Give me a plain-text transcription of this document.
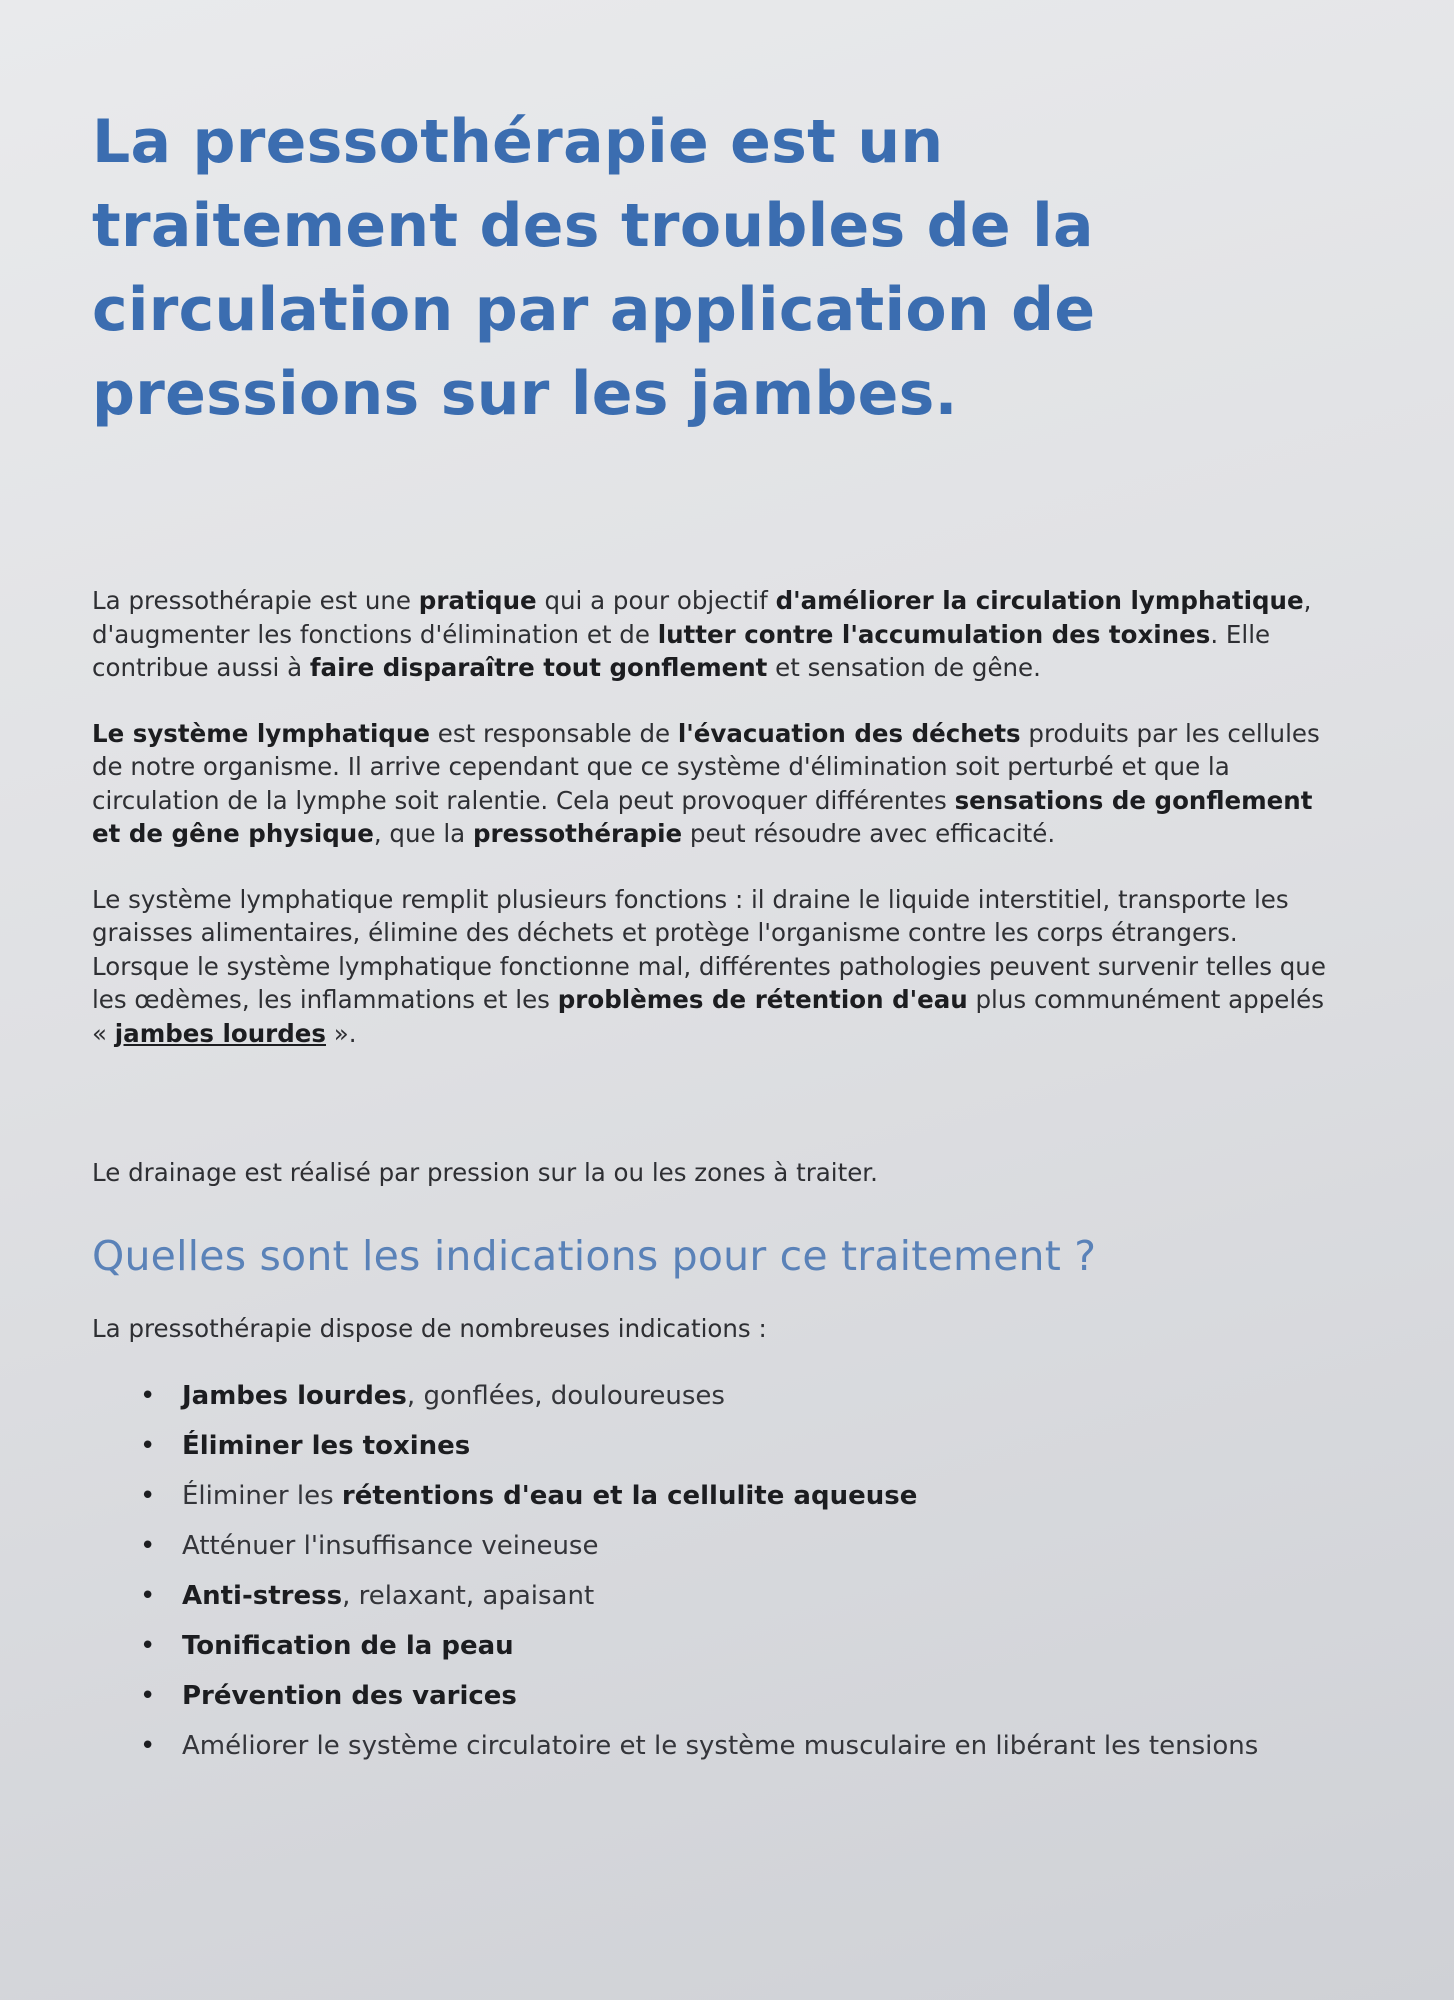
La pressothérapie est un traitement des troubles de la circulation par application de pressions sur les jambes.

La pressothérapie est une pratique qui a pour objectif d'améliorer la circulation lymphatique, d'augmenter les fonctions d'élimination et de lutter contre l'accumulation des toxines. Elle contribue aussi à faire disparaître tout gonflement et sensation de gêne.

Le système lymphatique est responsable de l'évacuation des déchets produits par les cellules de notre organisme. Il arrive cependant que ce système d'élimination soit perturbé et que la circulation de la lymphe soit ralentie. Cela peut provoquer différentes sensations de gonflement et de gêne physique, que la pressothérapie peut résoudre avec efficacité.

Le système lymphatique remplit plusieurs fonctions : il draine le liquide interstitiel, transporte les graisses alimentaires, élimine des déchets et protège l'organisme contre les corps étrangers. Lorsque le système lymphatique fonctionne mal, différentes pathologies peuvent survenir telles que les œdèmes, les inflammations et les problèmes de rétention d'eau plus communément appelés « jambes lourdes ».

Le drainage est réalisé par pression sur la ou les zones à traiter.

Quelles sont les indications pour ce traitement ?

La pressothérapie dispose de nombreuses indications :

• Jambes lourdes, gonflées, douloureuses
• Éliminer les toxines
• Éliminer les rétentions d'eau et la cellulite aqueuse
• Atténuer l'insuffisance veineuse
• Anti-stress, relaxant, apaisant
• Tonification de la peau
• Prévention des varices
• Améliorer le système circulatoire et le système musculaire en libérant les tensions
